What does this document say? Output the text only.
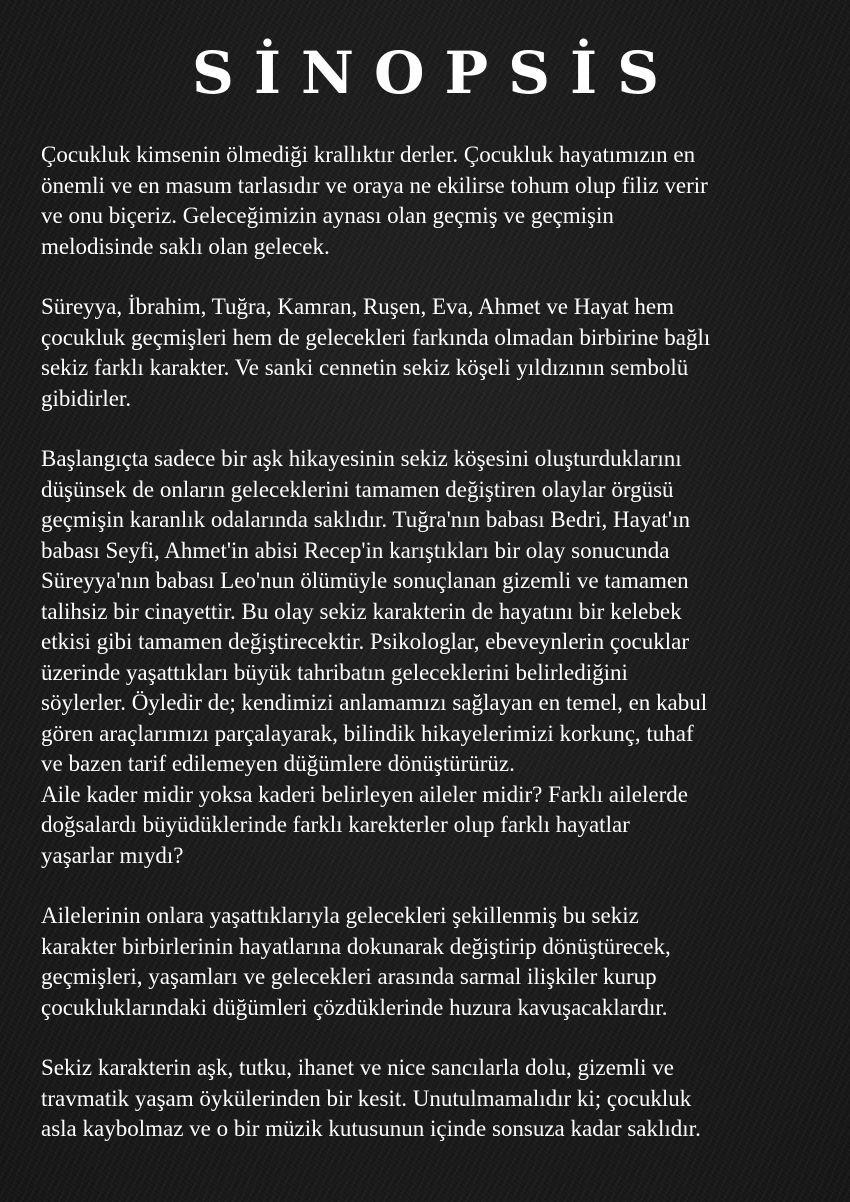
SİNOPSİS

Çocukluk kimsenin ölmediği krallıktır derler. Çocukluk hayatımızın en
önemli ve en masum tarlasıdır ve oraya ne ekilirse tohum olup filiz verir
ve onu biçeriz. Geleceğimizin aynası olan geçmiş ve geçmişin
melodisinde saklı olan gelecek.

Süreyya, İbrahim, Tuğra, Kamran, Ruşen, Eva, Ahmet ve Hayat hem
çocukluk geçmişleri hem de gelecekleri farkında olmadan birbirine bağlı
sekiz farklı karakter. Ve sanki cennetin sekiz köşeli yıldızının sembolü
gibidirler.

Başlangıçta sadece bir aşk hikayesinin sekiz köşesini oluşturduklarını
düşünsek de onların geleceklerini tamamen değiştiren olaylar örgüsü
geçmişin karanlık odalarında saklıdır. Tuğra'nın babası Bedri, Hayat'ın
babası Seyfi, Ahmet'in abisi Recep'in karıştıkları bir olay sonucunda
Süreyya'nın babası Leo'nun ölümüyle sonuçlanan gizemli ve tamamen
talihsiz bir cinayettir. Bu olay sekiz karakterin de hayatını bir kelebek
etkisi gibi tamamen değiştirecektir. Psikologlar, ebeveynlerin çocuklar
üzerinde yaşattıkları büyük tahribatın geleceklerini belirlediğini
söylerler. Öyledir de; kendimizi anlamamızı sağlayan en temel, en kabul
gören araçlarımızı parçalayarak, bilindik hikayelerimizi korkunç, tuhaf
ve bazen tarif edilemeyen düğümlere dönüştürürüz.

Aile kader midir yoksa kaderi belirleyen aileler midir? Farklı ailelerde
doğsalardı büyüdüklerinde farklı karekterler olup farklı hayatlar
yaşarlar mıydı?

Ailelerinin onlara yaşattıklarıyla gelecekleri şekillenmiş bu sekiz
karakter birbirlerinin hayatlarına dokunarak değiştirip dönüştürecek,
geçmişleri, yaşamları ve gelecekleri arasında sarmal ilişkiler kurup
çocukluklarındaki düğümleri çözdüklerinde huzura kavuşacaklardır.

Sekiz karakterin aşk, tutku, ihanet ve nice sancılarla dolu, gizemli ve
travmatik yaşam öykülerinden bir kesit. Unutulmamalıdır ki; çocukluk
asla kaybolmaz ve o bir müzik kutusunun içinde sonsuza kadar saklıdır.
